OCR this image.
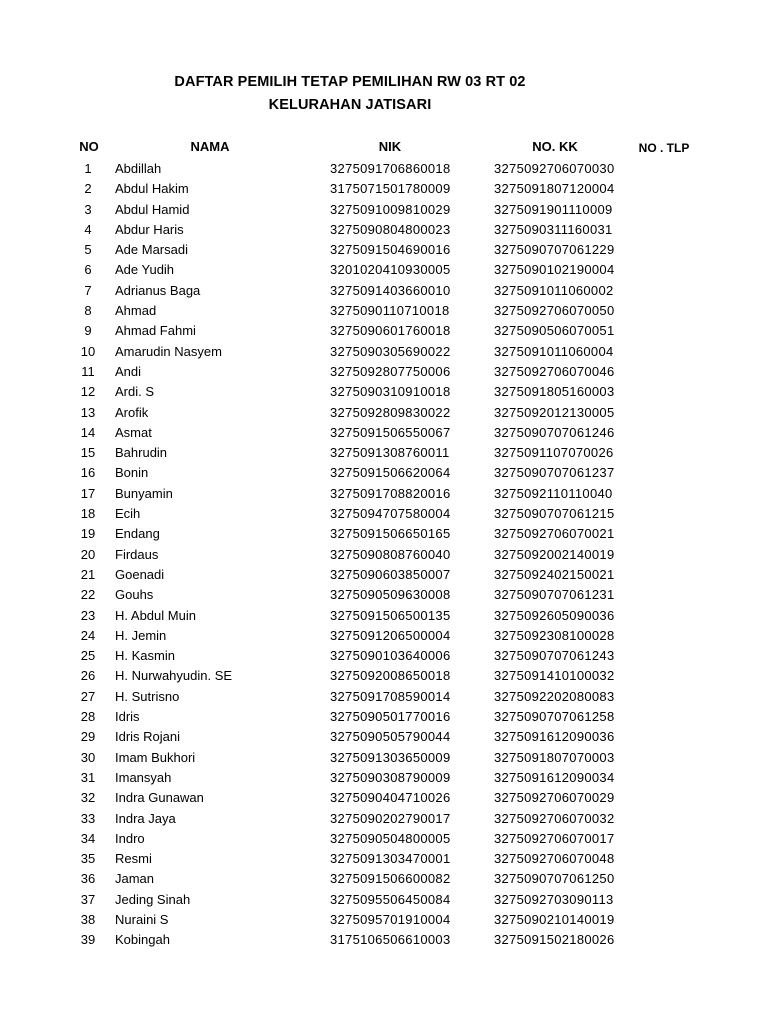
DAFTAR PEMILIH TETAP PEMILIHAN RW 03 RT 02
KELURAHAN JATISARI
NO	NAMA	NIK	NO. KK	NO . TLP
1	Abdillah	3275091706860018	3275092706070030
2	Abdul Hakim	3175071501780009	3275091807120004
3	Abdul Hamid	3275091009810029	3275091901110009
4	Abdur Haris	3275090804800023	3275090311160031
5	Ade Marsadi	3275091504690016	3275090707061229
6	Ade Yudih	3201020410930005	3275090102190004
7	Adrianus Baga	3275091403660010	3275091011060002
8	Ahmad	3275090110710018	3275092706070050
9	Ahmad Fahmi	3275090601760018	3275090506070051
10	Amarudin Nasyem	3275090305690022	3275091011060004
11	Andi	3275092807750006	3275092706070046
12	Ardi. S	3275090310910018	3275091805160003
13	Arofik	3275092809830022	3275092012130005
14	Asmat	3275091506550067	3275090707061246
15	Bahrudin	3275091308760011	3275091107070026
16	Bonin	3275091506620064	3275090707061237
17	Bunyamin	3275091708820016	3275092110110040
18	Ecih	3275094707580004	3275090707061215
19	Endang	3275091506650165	3275092706070021
20	Firdaus	3275090808760040	3275092002140019
21	Goenadi	3275090603850007	3275092402150021
22	Gouhs	3275090509630008	3275090707061231
23	H. Abdul Muin	3275091506500135	3275092605090036
24	H. Jemin	3275091206500004	3275092308100028
25	H. Kasmin	3275090103640006	3275090707061243
26	H. Nurwahyudin. SE	3275092008650018	3275091410100032
27	H. Sutrisno	3275091708590014	3275092202080083
28	Idris	3275090501770016	3275090707061258
29	Idris Rojani	3275090505790044	3275091612090036
30	Imam Bukhori	3275091303650009	3275091807070003
31	Imansyah	3275090308790009	3275091612090034
32	Indra Gunawan	3275090404710026	3275092706070029
33	Indra Jaya	3275090202790017	3275092706070032
34	Indro	3275090504800005	3275092706070017
35	Resmi	3275091303470001	3275092706070048
36	Jaman	3275091506600082	3275090707061250
37	Jeding Sinah	3275095506450084	3275092703090113
38	Nuraini S	3275095701910004	3275090210140019
39	Kobingah	3175106506610003	3275091502180026
